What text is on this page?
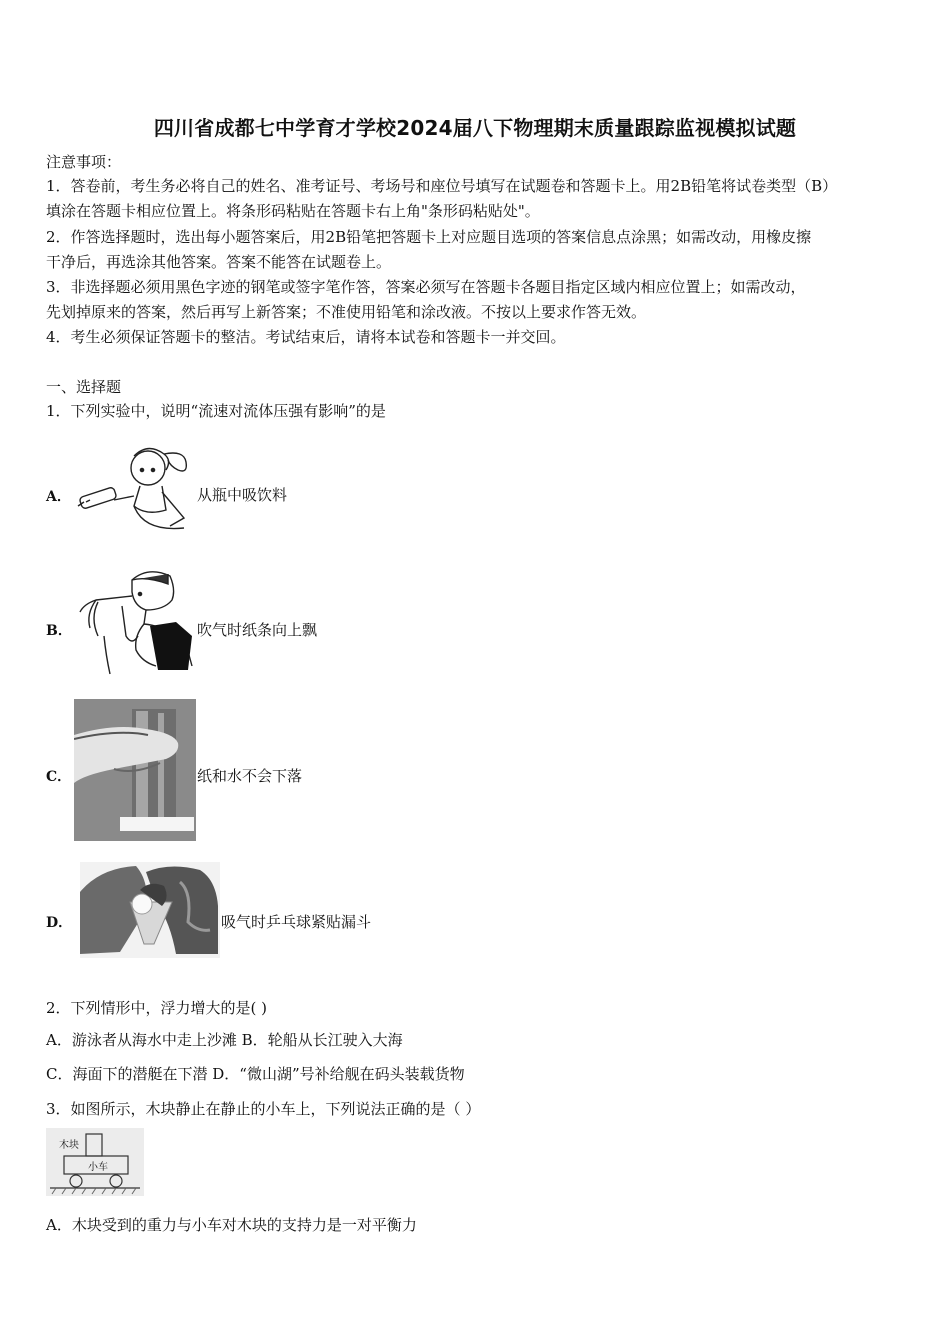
四川省成都七中学育才学校2024届八下物理期末质量跟踪监视模拟试题
注意事项：
1．答卷前，考生务必将自己的姓名、准考证号、考场号和座位号填写在试题卷和答题卡上。用2B铅笔将试卷类型（B）
填涂在答题卡相应位置上。将条形码粘贴在答题卡右上角"条形码粘贴处"。
2．作答选择题时，选出每小题答案后，用2B铅笔把答题卡上对应题目选项的答案信息点涂黑；如需改动，用橡皮擦
干净后，再选涂其他答案。答案不能答在试题卷上。
3．非选择题必须用黑色字迹的钢笔或签字笔作答，答案必须写在答题卡各题目指定区域内相应位置上；如需改动，
先划掉原来的答案，然后再写上新答案；不准使用铅笔和涂改液。不按以上要求作答无效。
4．考生必须保证答题卡的整洁。考试结束后，请将本试卷和答题卡一并交回。
一、选择题
1．下列实验中，说明“流速对流体压强有影响”的是
A．	从瓶中吸饮料
B．	吹气时纸条向上飘
C．	纸和水不会下落
D．	吸气时乒乓球紧贴漏斗
2．下列情形中，浮力增大的是( )
A．游泳者从海水中走上沙滩 B．轮船从长江驶入大海
C．海面下的潜艇在下潜 D．“微山湖”号补给舰在码头装载货物
3．如图所示，木块静止在静止的小车上，下列说法正确的是（ ）
木块
小车
A．木块受到的重力与小车对木块的支持力是一对平衡力
